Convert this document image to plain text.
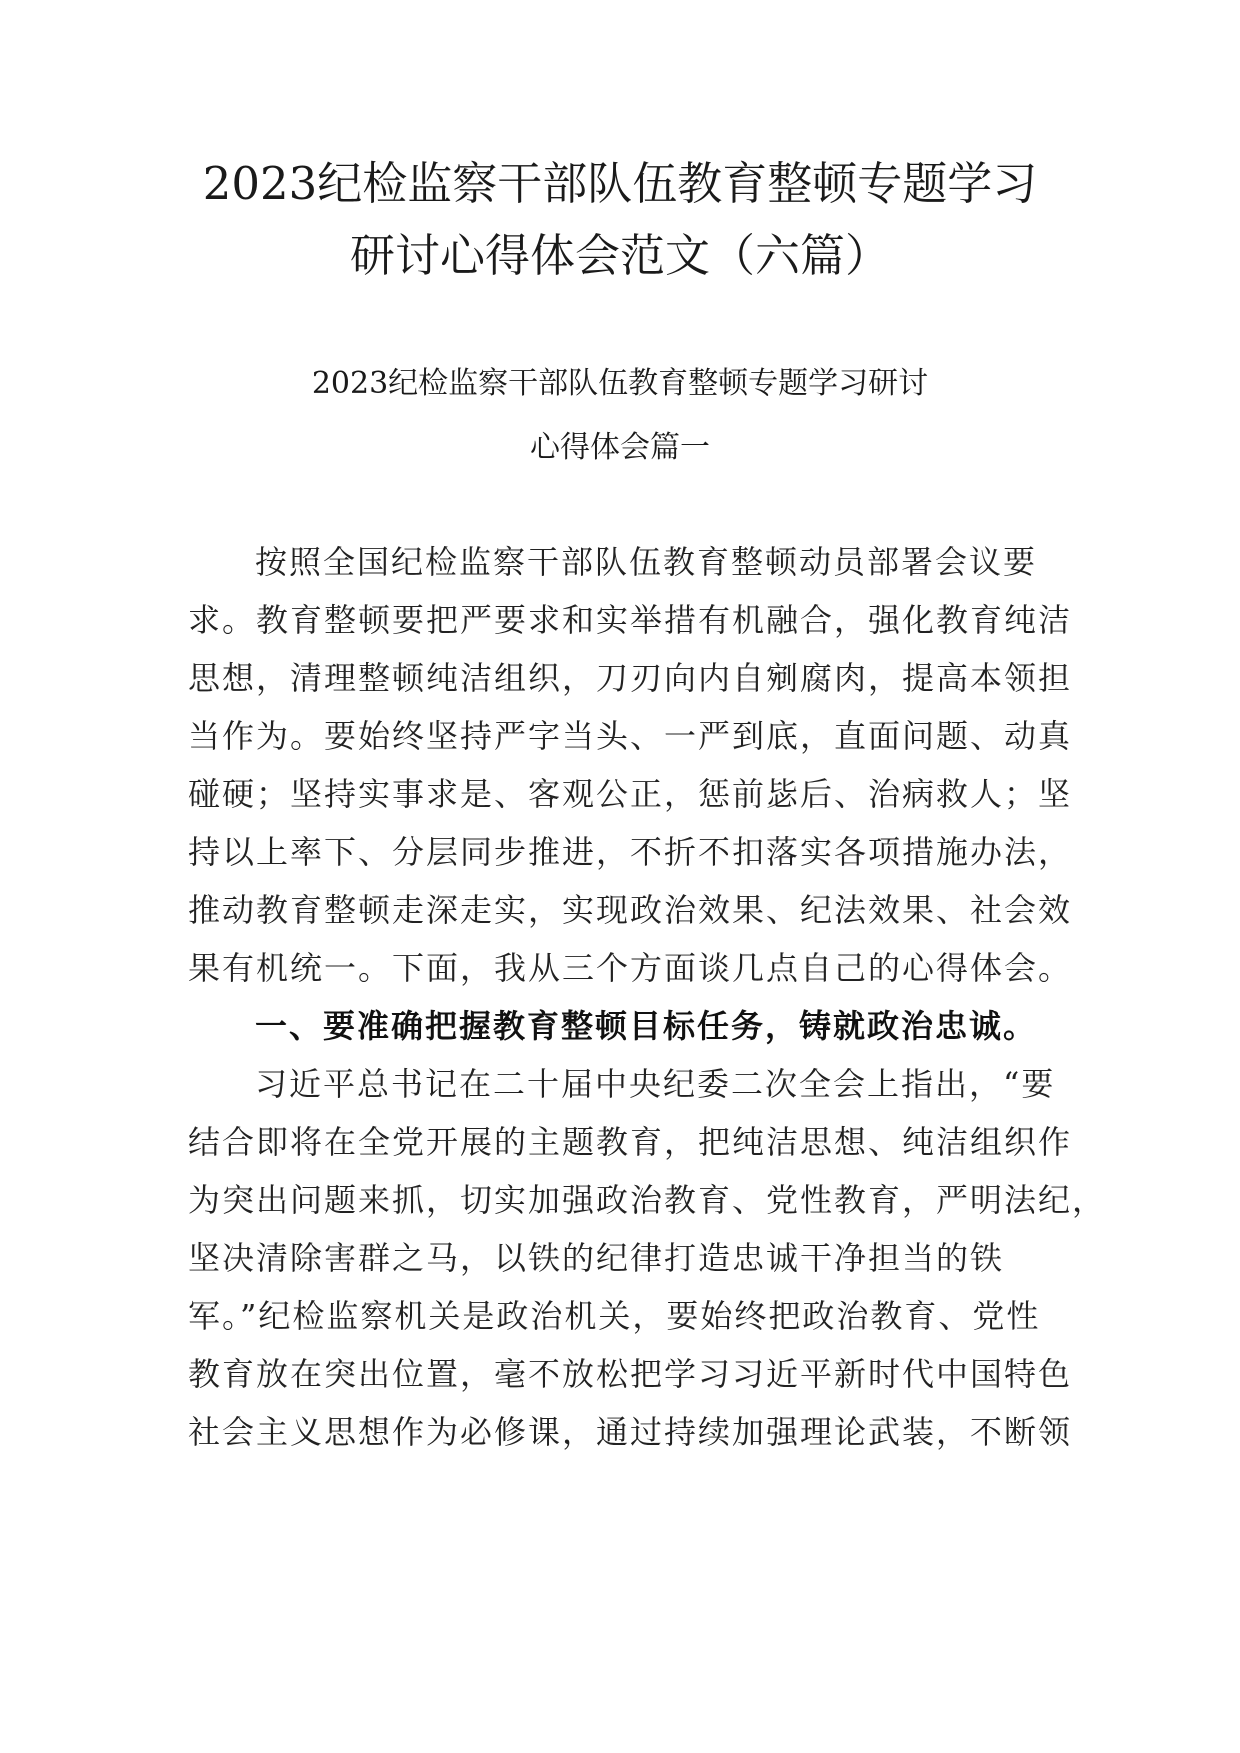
2023纪检监察干部队伍教育整顿专题学习
研讨心得体会范文（六篇）
2023纪检监察干部队伍教育整顿专题学习研讨
心得体会篇一
按照全国纪检监察干部队伍教育整顿动员部署会议要
求。教育整顿要把严要求和实举措有机融合，强化教育纯洁
思想，清理整顿纯洁组织，刀刃向内自剜腐肉，提高本领担
当作为。要始终坚持严字当头、一严到底，直面问题、动真
碰硬；坚持实事求是、客观公正，惩前毖后、治病救人；坚
持以上率下、分层同步推进，不折不扣落实各项措施办法，
推动教育整顿走深走实，实现政治效果、纪法效果、社会效
果有机统一。下面，我从三个方面谈几点自己的心得体会。
一、要准确把握教育整顿目标任务，铸就政治忠诚。
习近平总书记在二十届中央纪委二次全会上指出，“要
结合即将在全党开展的主题教育，把纯洁思想、纯洁组织作
为突出问题来抓，切实加强政治教育、党性教育，严明法纪，
坚决清除害群之马，以铁的纪律打造忠诚干净担当的铁
军。”纪检监察机关是政治机关，要始终把政治教育、党性
教育放在突出位置，毫不放松把学习习近平新时代中国特色
社会主义思想作为必修课，通过持续加强理论武装，不断领
